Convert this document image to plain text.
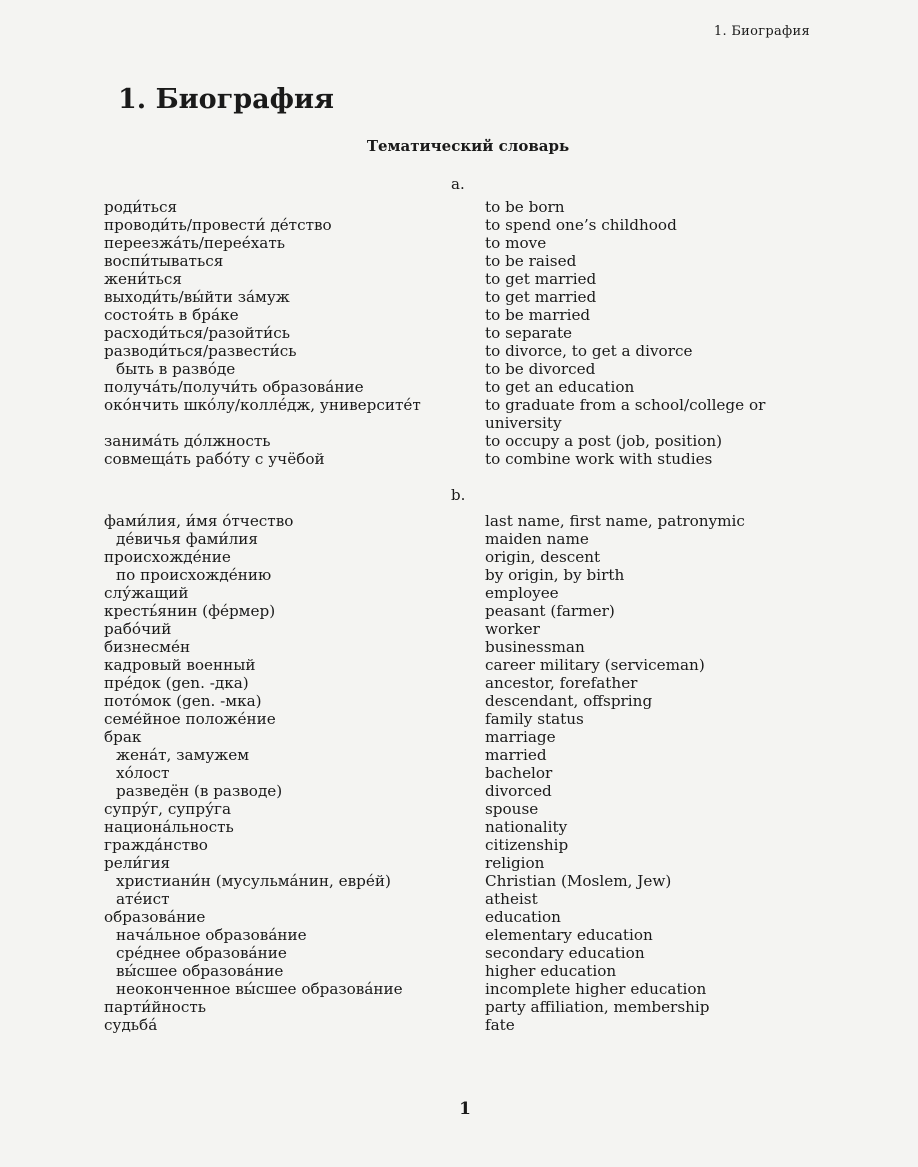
1. Биография
1. Биография
Тематический словарь
a.
роди́ться	to be born
проводи́ть/провести́ де́тство	to spend one’s childhood
переезжа́ть/перее́хать	to move
воспи́тываться	to be raised
жени́ться	to get married
выходи́ть/вы́йти за́муж	to get married
состоя́ть в бра́ке	to be married
расходи́ться/разойти́сь	to separate
разводи́ться/развести́сь	to divorce, to get a divorce
быть в разво́де	to be divorced
получа́ть/получи́ть образова́ние	to get an education
око́нчить шко́лу/колле́дж, университе́т	to graduate from a school/college or university
занима́ть до́лжность	to occupy a post (job, position)
совмеща́ть рабо́ту с учёбой	to combine work with studies
b.
фами́лия, и́мя о́тчество	last name, first name, patronymic
де́вичья фами́лия	maiden name
происхожде́ние	origin, descent
по происхожде́нию	by origin, by birth
слу́жащий	employee
кресть́янин (фе́рмер)	peasant (farmer)
рабо́чий	worker
бизнесме́н	businessman
кадровый военный	career military (serviceman)
пре́док (gen. -дка)	ancestor, forefather
пото́мок (gen. -мка)	descendant, offspring
семе́йное положе́ние	family status
брак	marriage
жена́т, замужем	married
хо́лост	bachelor
разведён (в разводе)	divorced
супру́г, супру́га	spouse
национа́льность	nationality
гражда́нство	citizenship
рели́гия	religion
христиани́н (мусульма́нин, евре́й)	Christian (Moslem, Jew)
ате́ист	atheist
образова́ние	education
нача́льное образова́ние	elementary education
сре́днее образова́ние	secondary education
вы́сшее образова́ние	higher education
неоконченное вы́сшее образова́ние	incomplete higher education
парти́йность	party affiliation, membership
судьба́	fate
1
